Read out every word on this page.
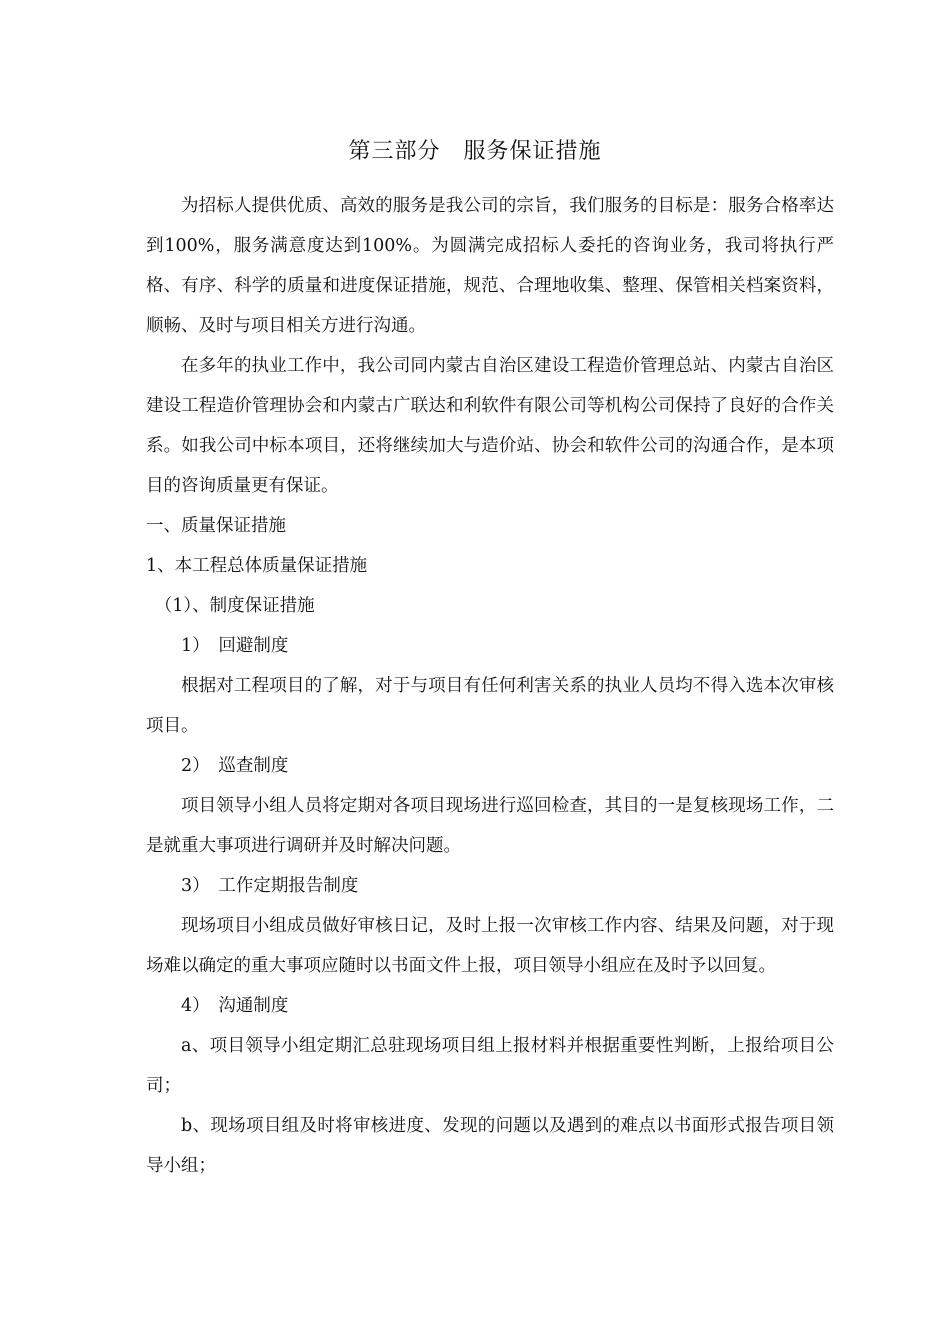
第三部分　服务保证措施

为招标人提供优质、高效的服务是我公司的宗旨，我们服务的目标是：服务合格率达到100%，服务满意度达到100%。为圆满完成招标人委托的咨询业务，我司将执行严格、有序、科学的质量和进度保证措施，规范、合理地收集、整理、保管相关档案资料，顺畅、及时与项目相关方进行沟通。

在多年的执业工作中，我公司同内蒙古自治区建设工程造价管理总站、内蒙古自治区建设工程造价管理协会和内蒙古广联达和利软件有限公司等机构公司保持了良好的合作关系。如我公司中标本项目，还将继续加大与造价站、协会和软件公司的沟通合作，是本项目的咨询质量更有保证。

一、质量保证措施

1、本工程总体质量保证措施

（1）、制度保证措施

1）　回避制度

根据对工程项目的了解，对于与项目有任何利害关系的执业人员均不得入选本次审核项目。

2）　巡查制度

项目领导小组人员将定期对各项目现场进行巡回检查，其目的一是复核现场工作，二是就重大事项进行调研并及时解决问题。

3）　工作定期报告制度

现场项目小组成员做好审核日记，及时上报一次审核工作内容、结果及问题，对于现场难以确定的重大事项应随时以书面文件上报，项目领导小组应在及时予以回复。

4）　沟通制度

a、项目领导小组定期汇总驻现场项目组上报材料并根据重要性判断，上报给项目公司；

b、现场项目组及时将审核进度、发现的问题以及遇到的难点以书面形式报告项目领导小组；
